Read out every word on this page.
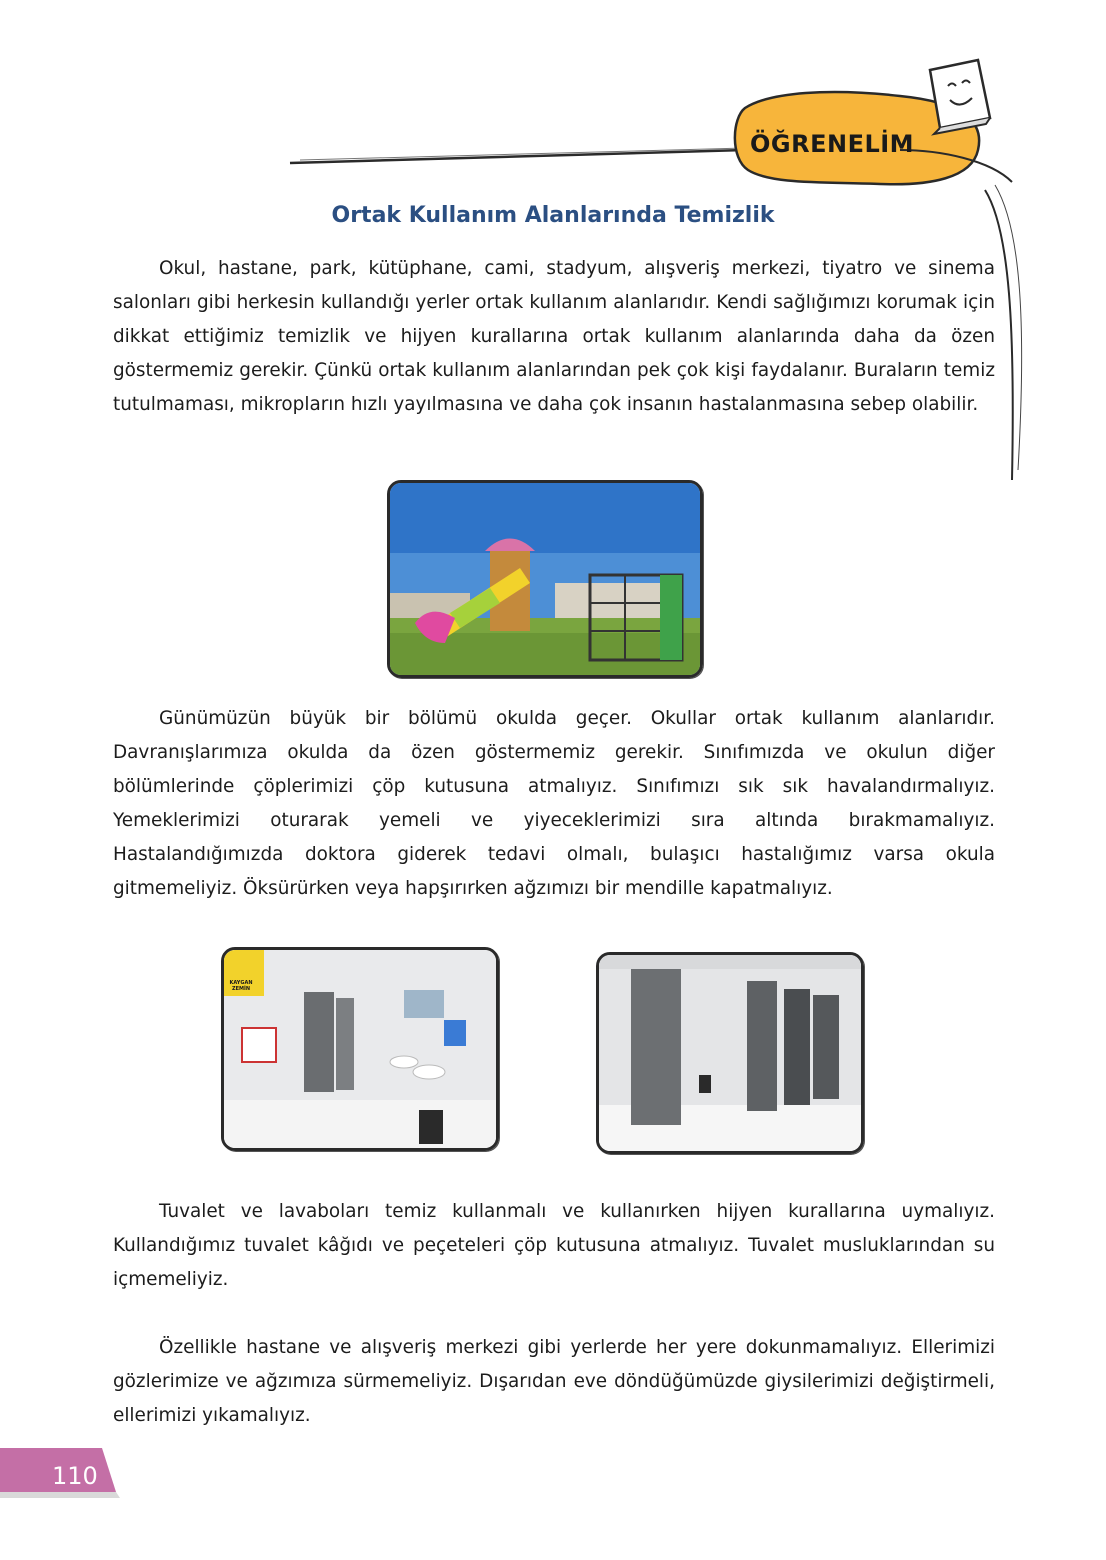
ÖĞRENELİM
Ortak Kullanım Alanlarında Temizlik

Okul, hastane, park, kütüphane, cami, stadyum, alışveriş merkezi, tiyatro ve sinema salonları gibi herkesin kullandığı yerler ortak kullanım alanlarıdır. Kendi sağlığımızı korumak için dikkat ettiğimiz temizlik ve hijyen kurallarına ortak kullanım alanlarında daha da özen göstermemiz gerekir. Çünkü ortak kullanım alanlarından pek çok kişi faydalanır. Buraların temiz tutulmaması, mikropların hızlı yayılmasına ve daha çok insanın hastalanmasına sebep olabilir.

Günümüzün büyük bir bölümü okulda geçer. Okullar ortak kullanım alanlarıdır. Davranışlarımıza okulda da özen göstermemiz gerekir. Sınıfımızda ve okulun diğer bölümlerinde çöplerimizi çöp kutusuna atmalıyız. Sınıfımızı sık sık havalandırmalıyız. Yemeklerimizi oturarak yemeli ve yiyeceklerimizi sıra altında bırakmamalıyız. Hastalandığımızda doktora giderek tedavi olmalı, bulaşıcı hastalığımız varsa okula gitmemeliyiz. Öksürürken veya hapşırırken ağzımızı bir mendille kapatmalıyız.

KAYGAN ZEMİN

Tuvalet ve lavaboları temiz kullanmalı ve kullanırken hijyen kurallarına uymalıyız. Kullandığımız tuvalet kâğıdı ve peçeteleri çöp kutusuna atmalıyız. Tuvalet musluklarından su içmemeliyiz.

Özellikle hastane ve alışveriş merkezi gibi yerlerde her yere dokunmamalıyız. Ellerimizi gözlerimize ve ağzımıza sürmemeliyiz. Dışarıdan eve döndüğümüzde giysilerimizi değiştirmeli, ellerimizi yıkamalıyız.

110
